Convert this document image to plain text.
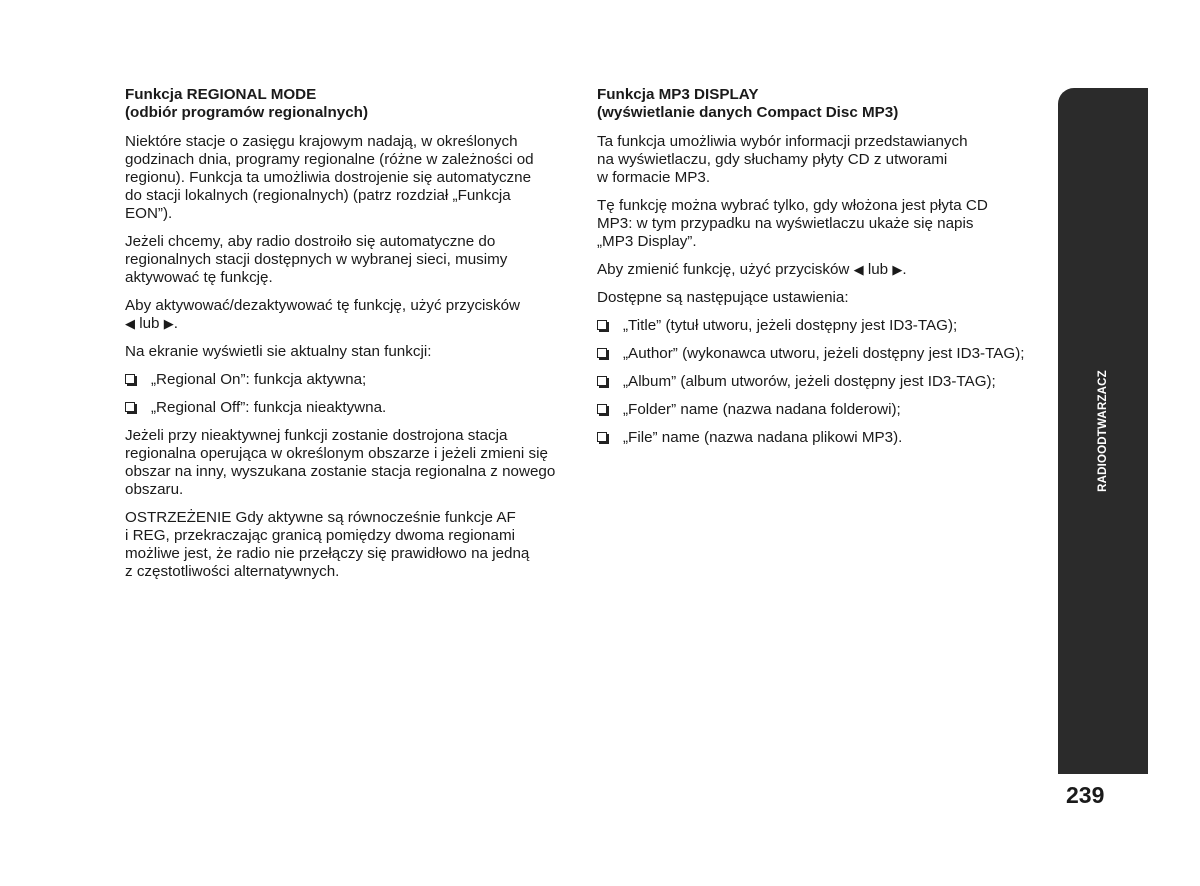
Funkcja REGIONAL MODE
(odbiór programów regionalnych)

Niektóre stacje o zasięgu krajowym nadają, w określonych
godzinach dnia, programy regionalne (różne w zależności od
regionu). Funkcja ta umożliwia dostrojenie się automatyczne
do stacji lokalnych (regionalnych) (patrz rozdział „Funkcja
EON”).

Jeżeli chcemy, aby radio dostroiło się automatyczne do
regionalnych stacji dostępnych w wybranej sieci, musimy
aktywować tę funkcję.

Aby aktywować/dezaktywować tę funkcję, użyć przycisków
◀ lub ▶.

Na ekranie wyświetli sie aktualny stan funkcji:

„Regional On”: funkcja aktywna;
„Regional Off”: funkcja nieaktywna.

Jeżeli przy nieaktywnej funkcji zostanie dostrojona stacja
regionalna operująca w określonym obszarze i jeżeli zmieni się
obszar na inny, wyszukana zostanie stacja regionalna z nowego
obszaru.

OSTRZEŻENIE Gdy aktywne są równocześnie funkcje AF
i REG, przekraczając granicą pomiędzy dwoma regionami
możliwe jest, że radio nie przełączy się prawidłowo na jedną
z częstotliwości alternatywnych.

Funkcja MP3 DISPLAY
(wyświetlanie danych Compact Disc MP3)

Ta funkcja umożliwia wybór informacji przedstawianych
na wyświetlaczu, gdy słuchamy płyty CD z utworami
w formacie MP3.

Tę funkcję można wybrać tylko, gdy włożona jest płyta CD
MP3: w tym przypadku na wyświetlaczu ukaże się napis
„MP3 Display”.

Aby zmienić funkcję, użyć przycisków ◀ lub ▶.

Dostępne są następujące ustawienia:

„Title” (tytuł utworu, jeżeli dostępny jest ID3-TAG);
„Author” (wykonawca utworu, jeżeli dostępny jest ID3-TAG);
„Album” (album utworów, jeżeli dostępny jest ID3-TAG);
„Folder” name (nazwa nadana folderowi);
„File” name (nazwa nadana plikowi MP3).	RADIOODTWARZACZ
239
